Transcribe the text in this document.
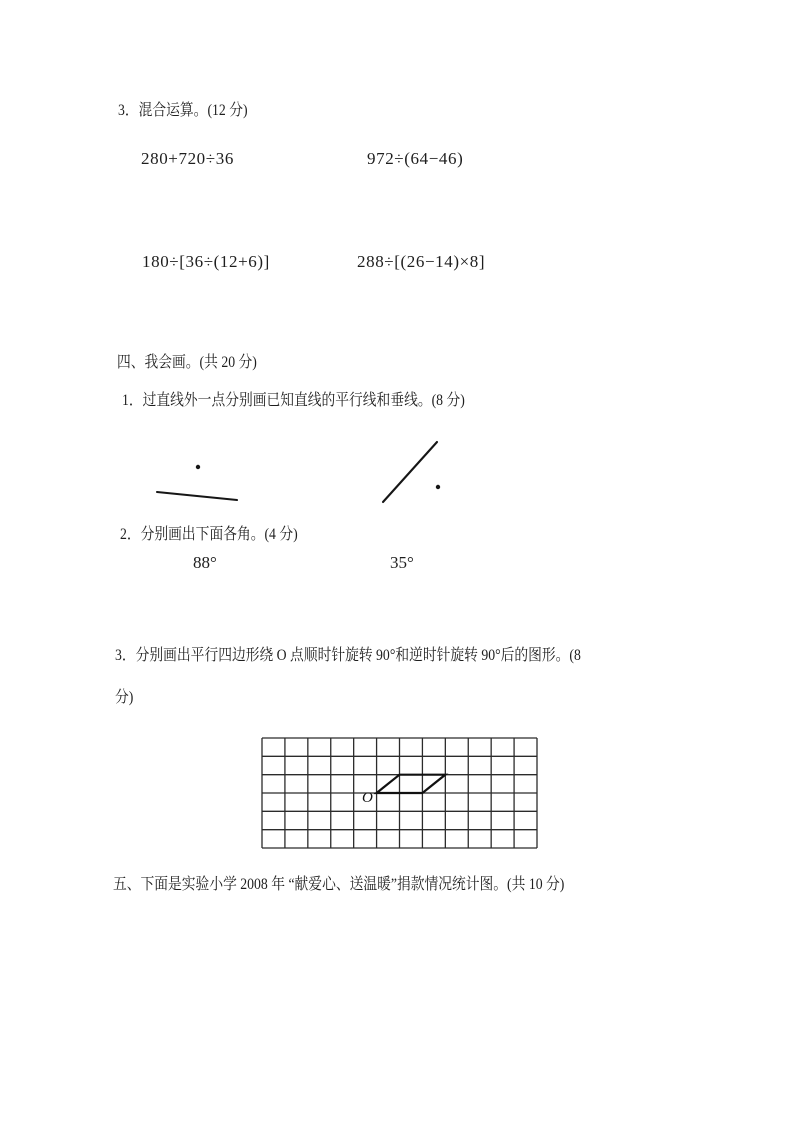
3．混合运算。(12 分)
280+720÷36	972÷(64−46)
180÷[36÷(12+6)]	288÷[(26−14)×8]
四、我会画。(共 20 分)
1．过直线外一点分别画已知直线的平行线和垂线。(8 分)
2．分别画出下面各角。(4 分)
88°	35°
3．分别画出平行四边形绕 O 点顺时针旋转 90°和逆时针旋转 90°后的图形。(8
分)
O
五、下面是实验小学 2008 年 “献爱心、送温暖”捐款情况统计图。(共 10 分)
